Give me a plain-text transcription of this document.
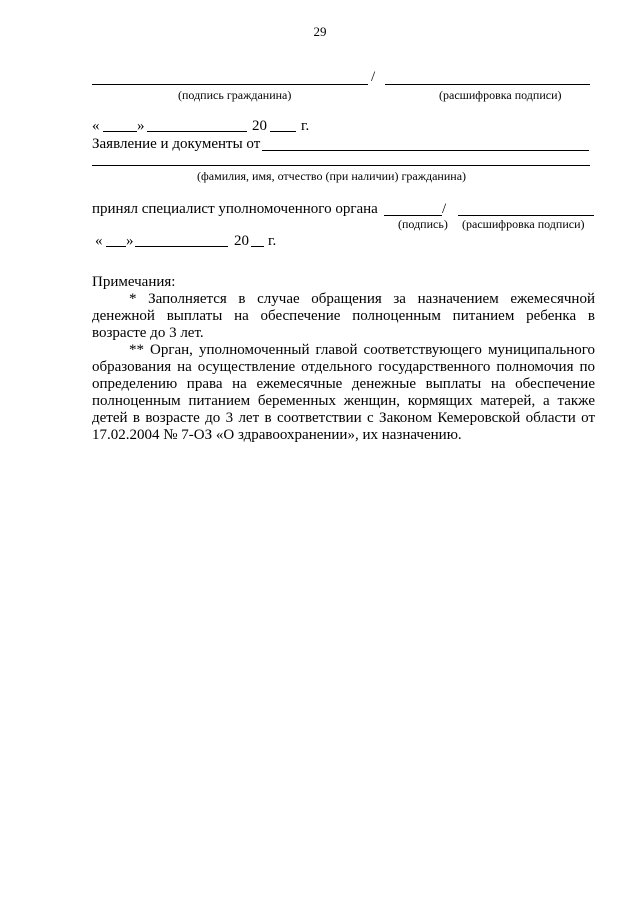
29
/
(подпись гражданина)	(расшифровка подписи)
«	»	20 г.
Заявление и документы от
(фамилия, имя, отчество (при наличии) гражданина)
принял специалист уполномоченного органа	/
(подпись) (расшифровка подписи)
« »	20 г.

Примечания:

* Заполняется в случае обращения за назначением ежемесячной денежной выплаты на обеспечение полноценным питанием ребенка в возрасте до 3 лет.

** Орган, уполномоченный главой соответствующего муниципального образования на осуществление отдельного государственного полномочия по определению права на ежемесячные денежные выплаты на обеспечение полноценным питанием беременных женщин, кормящих матерей, а также детей в возрасте до 3 лет в соответствии с Законом Кемеровской области от 17.02.2004 № 7-ОЗ «О здравоохранении», их назначению.
